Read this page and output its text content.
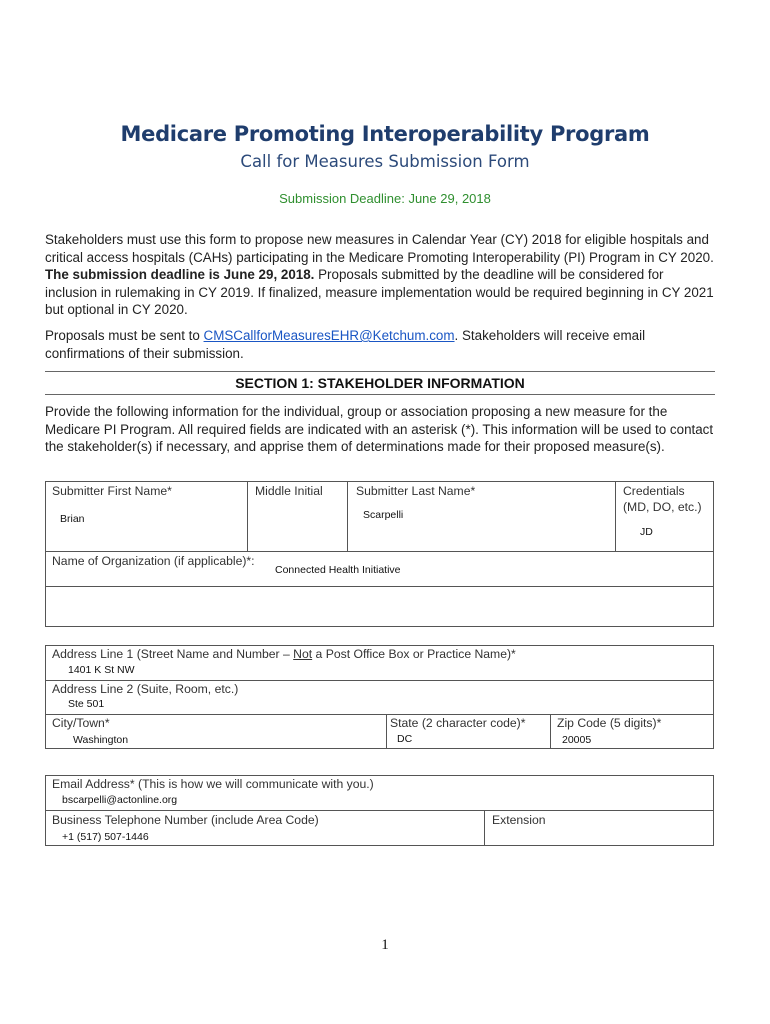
Medicare Promoting Interoperability Program
Call for Measures Submission Form
Submission Deadline: June 29, 2018
Stakeholders must use this form to propose new measures in Calendar Year (CY) 2018 for eligible hospitals and critical access hospitals (CAHs) participating in the Medicare Promoting Interoperability (PI) Program in CY 2020. The submission deadline is June 29, 2018. Proposals submitted by the deadline will be considered for inclusion in rulemaking in CY 2019. If finalized, measure implementation would be required beginning in CY 2021 but optional in CY 2020.
Proposals must be sent to CMSCallforMeasuresEHR@Ketchum.com. Stakeholders will receive email confirmations of their submission.
SECTION 1: STAKEHOLDER INFORMATION
Provide the following information for the individual, group or association proposing a new measure for the Medicare PI Program. All required fields are indicated with an asterisk (*). This information will be used to contact the stakeholder(s) if necessary, and apprise them of determinations made for their proposed measure(s).
Submitter First Name*
Brian
Middle Initial	Submitter Last Name*
Scarpelli
Credentials (MD, DO, etc.)
JD
Name of Organization (if applicable)*:
Connected Health Initiative
Address Line 1 (Street Name and Number – Not a Post Office Box or Practice Name)*
1401 K St NW
Address Line 2 (Suite, Room, etc.)
Ste 501
City/Town*
Washington
State (2 character code)*
DC
Zip Code (5 digits)*
20005
Email Address* (This is how we will communicate with you.)
bscarpelli@actonline.org
Business Telephone Number (include Area Code)
+1 (517) 507-1446
Extension
1
